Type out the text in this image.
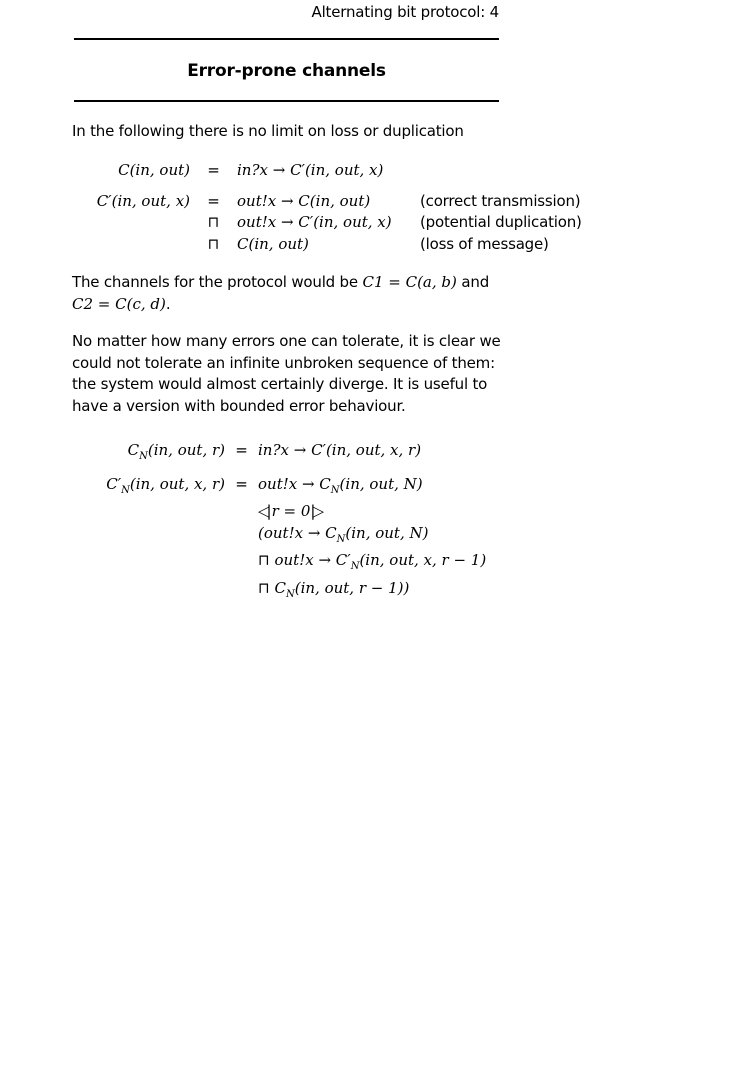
Alternating bit protocol: 4
Error-prone channels
In the following there is no limit on loss or duplication
C(in, out)	=	in?x → C′(in, out, x)
C′(in, out, x)	=	out!x → C(in, out)	(correct transmission)
⊓	out!x → C′(in, out, x)	(potential duplication)
⊓	C(in, out)	(loss of message)
The channels for the protocol would be C1 = C(a, b) and
C2 = C(c, d).
No matter how many errors one can tolerate, it is clear we
could not tolerate an infinite unbroken sequence of them:
the system would almost certainly diverge. It is useful to
have a version with bounded error behaviour.
$C_N(in$, out, r) = in?x → C′(in, out, x, r)
$C'_N(in$, out, x, $r) = out!x \to C_N(in$, out, N)
◁| r = 0|▷
($out!x \to C_N(in$, out, N)
⊓ $out!x \to C'_N(in$, out, x, r − 1)
⊓ $C_N(in$, out, r − 1))
